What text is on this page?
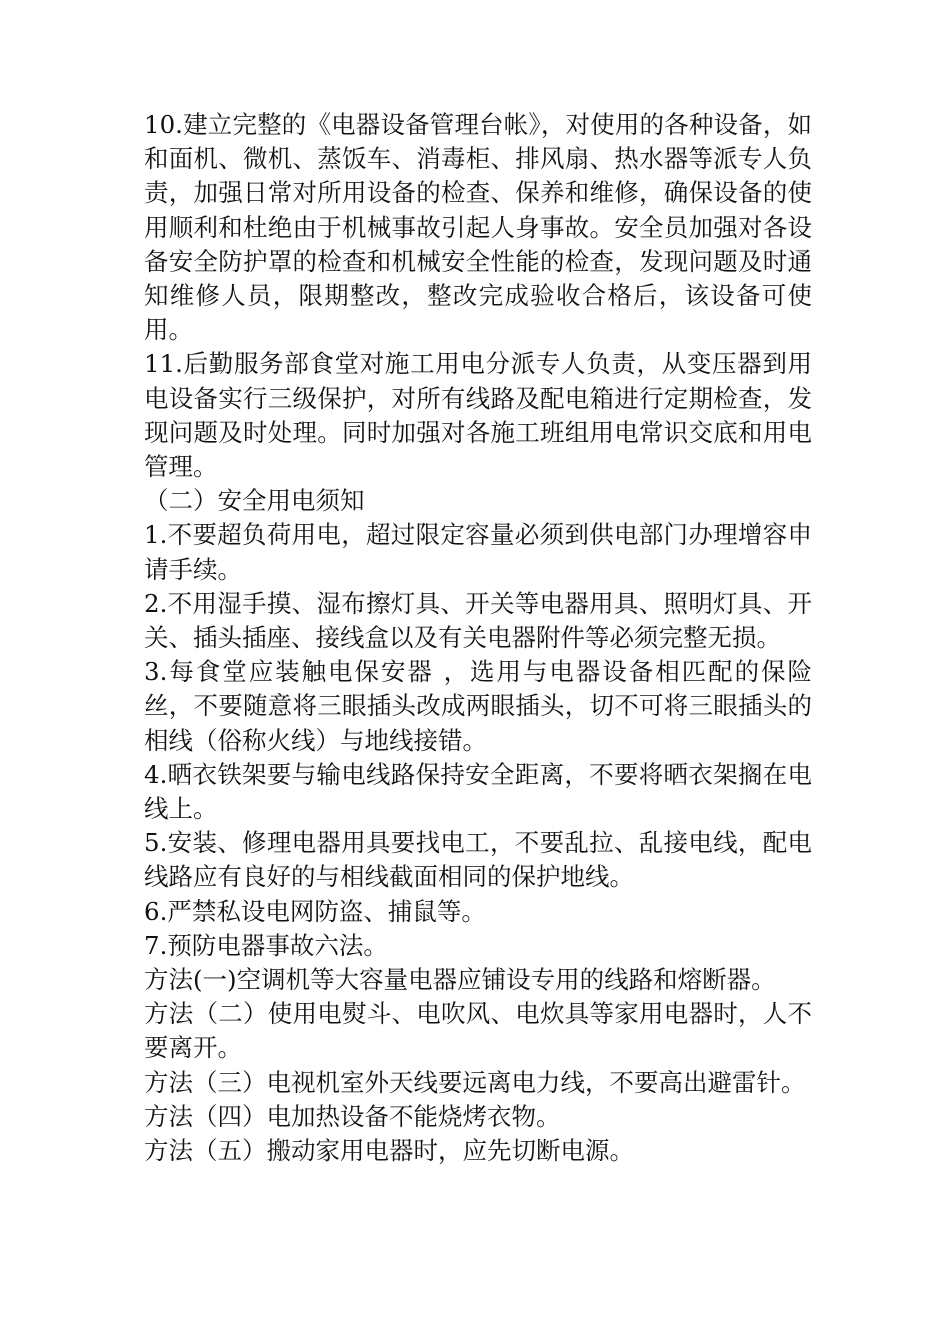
10.建立完整的《电器设备管理台帐》，对使用的各种设备，如和面机、微机、蒸饭车、消毒柜、排风扇、热水器等派专人负责，加强日常对所用设备的检查、保养和维修，确保设备的使用顺利和杜绝由于机械事故引起人身事故。安全员加强对各设备安全防护罩的检查和机械安全性能的检查，发现问题及时通知维修人员，限期整改，整改完成验收合格后，该设备可使用。

11.后勤服务部食堂对施工用电分派专人负责，从变压器到用电设备实行三级保护，对所有线路及配电箱进行定期检查，发现问题及时处理。同时加强对各施工班组用电常识交底和用电管理。

（二）安全用电须知

1.不要超负荷用电，超过限定容量必须到供电部门办理增容申请手续。

2.不用湿手摸、湿布擦灯具、开关等电器用具、照明灯具、开关、插头插座、接线盒以及有关电器附件等必须完整无损。

3.每食堂应装触电保安器 ，选用与电器设备相匹配的保险丝，不要随意将三眼插头改成两眼插头，切不可将三眼插头的相线（俗称火线）与地线接错。

4.晒衣铁架要与输电线路保持安全距离，不要将晒衣架搁在电线上。

5.安装、修理电器用具要找电工，不要乱拉、乱接电线，配电线路应有良好的与相线截面相同的保护地线。

6.严禁私设电网防盗、捕鼠等。

7.预防电器事故六法。

方法(一)空调机等大容量电器应铺设专用的线路和熔断器。

方法（二）使用电熨斗、电吹风、电炊具等家用电器时，人不要离开。

方法（三）电视机室外天线要远离电力线，不要高出避雷针。

方法（四）电加热设备不能烧烤衣物。

方法（五）搬动家用电器时，应先切断电源。
